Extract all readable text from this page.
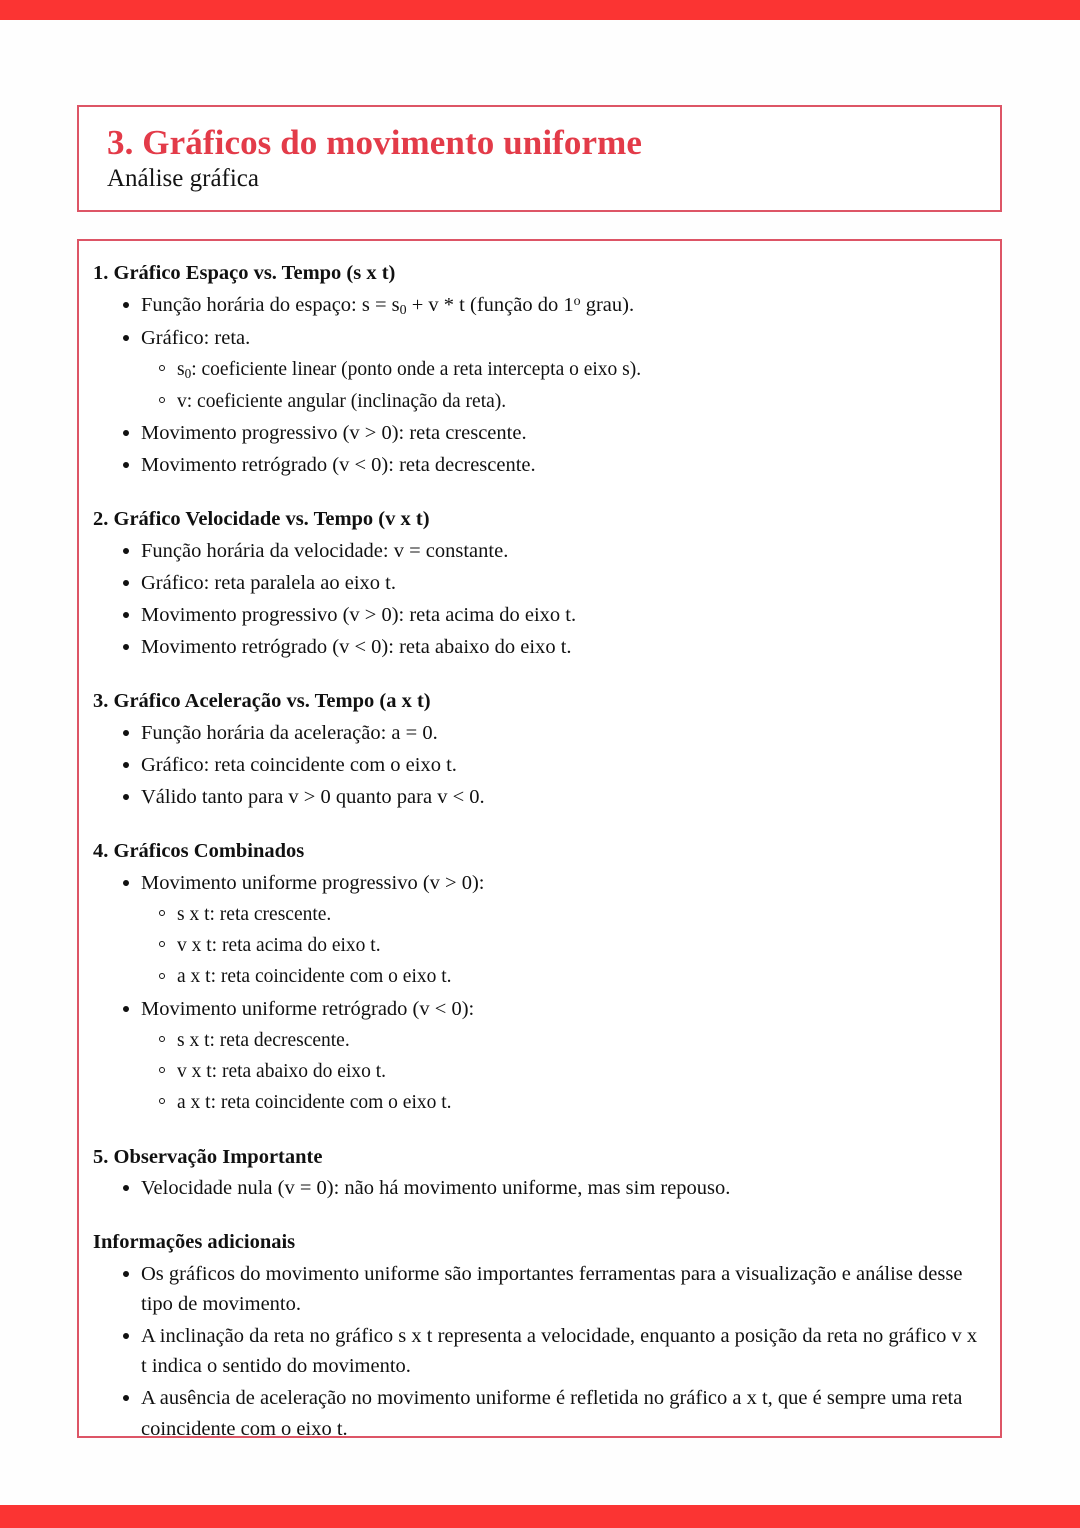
3. Gráficos do movimento uniforme
Análise gráfica
1. Gráfico Espaço vs. Tempo (s x t)
Função horária do espaço: $s = s_0 + v * t$ (função do 1$^o$ grau).
Gráfico: reta.
$s_0$: coeficiente linear (ponto onde a reta intercepta o eixo s).
v: coeficiente angular (inclinação da reta).
Movimento progressivo (v > 0): reta crescente.
Movimento retrógrado (v < 0): reta decrescente.
2. Gráfico Velocidade vs. Tempo (v x t)
Função horária da velocidade: v = constante.
Gráfico: reta paralela ao eixo t.
Movimento progressivo (v > 0): reta acima do eixo t.
Movimento retrógrado (v < 0): reta abaixo do eixo t.
3. Gráfico Aceleração vs. Tempo (a x t)
Função horária da aceleração: a = 0.
Gráfico: reta coincidente com o eixo t.
Válido tanto para v > 0 quanto para v < 0.
4. Gráficos Combinados
Movimento uniforme progressivo (v > 0):
s x t: reta crescente.
v x t: reta acima do eixo t.
a x t: reta coincidente com o eixo t.
Movimento uniforme retrógrado (v < 0):
s x t: reta decrescente.
v x t: reta abaixo do eixo t.
a x t: reta coincidente com o eixo t.
5. Observação Importante
Velocidade nula (v = 0): não há movimento uniforme, mas sim repouso.
Informações adicionais
Os gráficos do movimento uniforme são importantes ferramentas para a visualização e análise desse tipo de movimento.
A inclinação da reta no gráfico s x t representa a velocidade, enquanto a posição da reta no gráfico v x t indica o sentido do movimento.
A ausência de aceleração no movimento uniforme é refletida no gráfico a x t, que é sempre uma reta coincidente com o eixo t.
